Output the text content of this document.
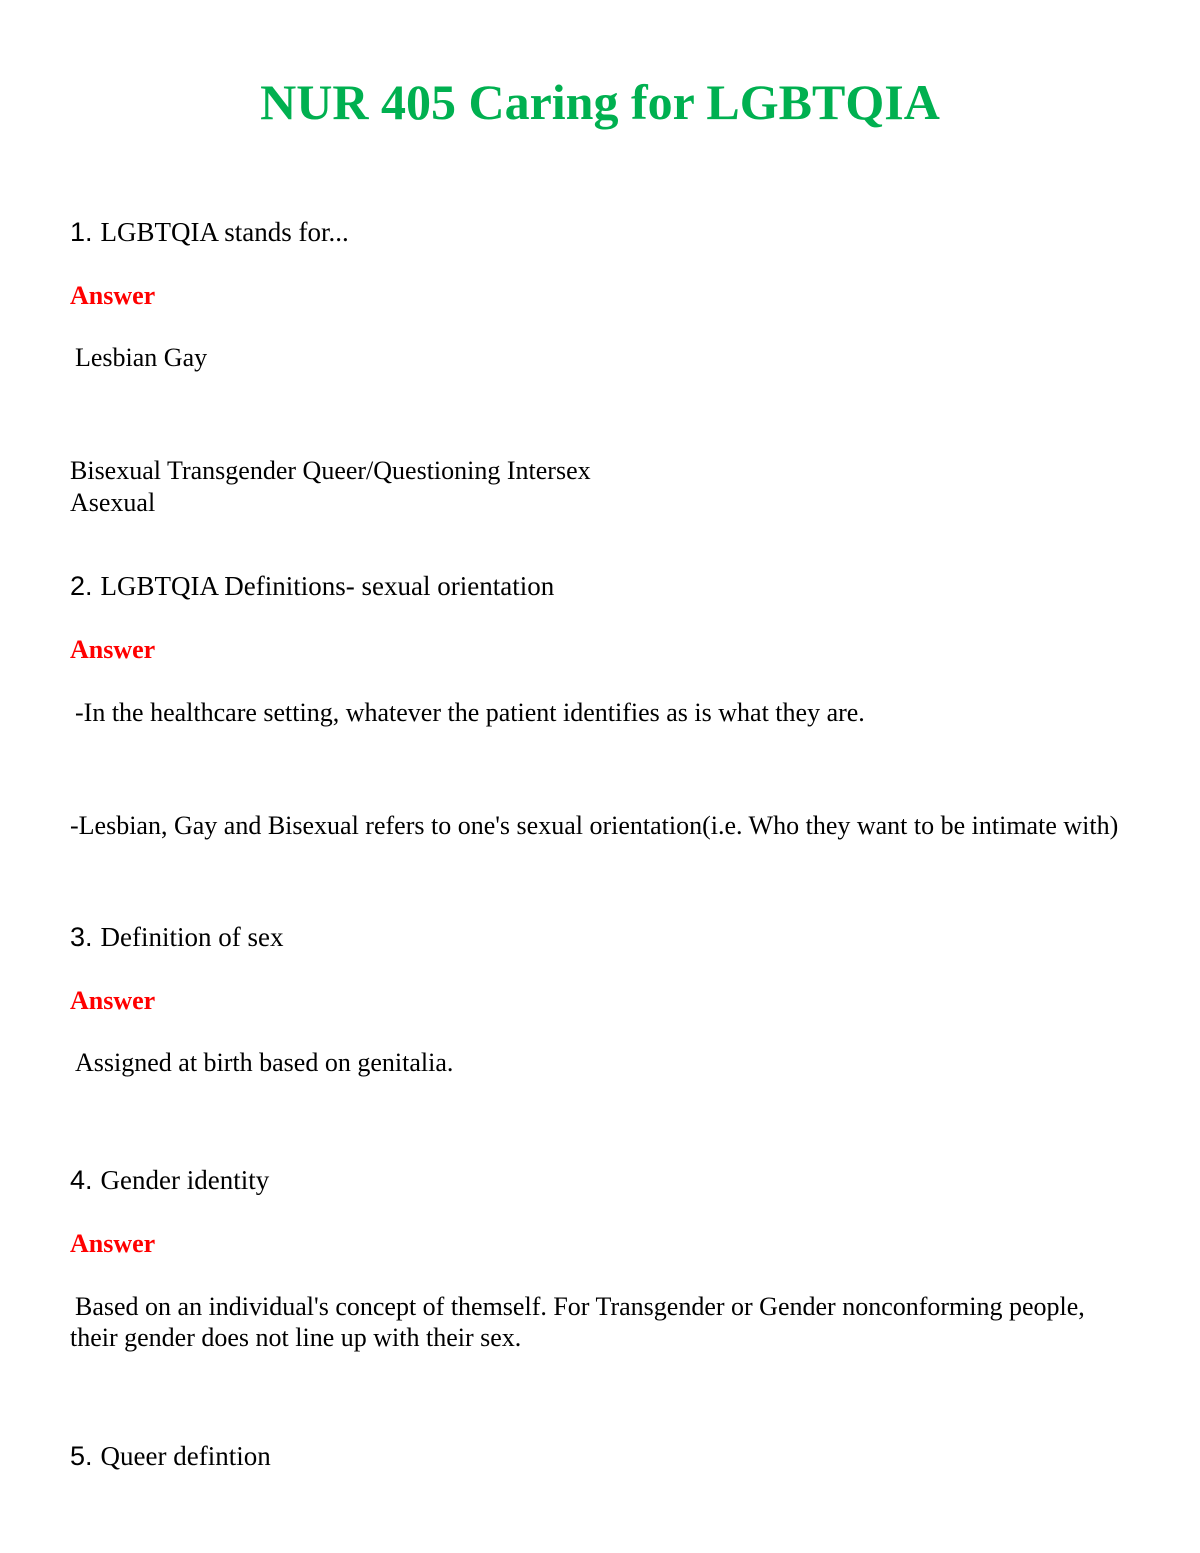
NUR 405 Caring for LGBTQIA
1. LGBTQIA stands for...
Answer
Lesbian Gay
Bisexual Transgender Queer/Questioning Intersex
Asexual
2. LGBTQIA Definitions- sexual orientation
Answer
-In the healthcare setting, whatever the patient identifies as is what they are.
-Lesbian, Gay and Bisexual refers to one's sexual orientation(i.e. Who they want to be intimate with)
3. Definition of sex
Answer
Assigned at birth based on genitalia.
4. Gender identity
Answer
Based on an individual's concept of themself. For Transgender or Gender nonconforming people, their gender does not line up with their sex.
5. Queer defintion
